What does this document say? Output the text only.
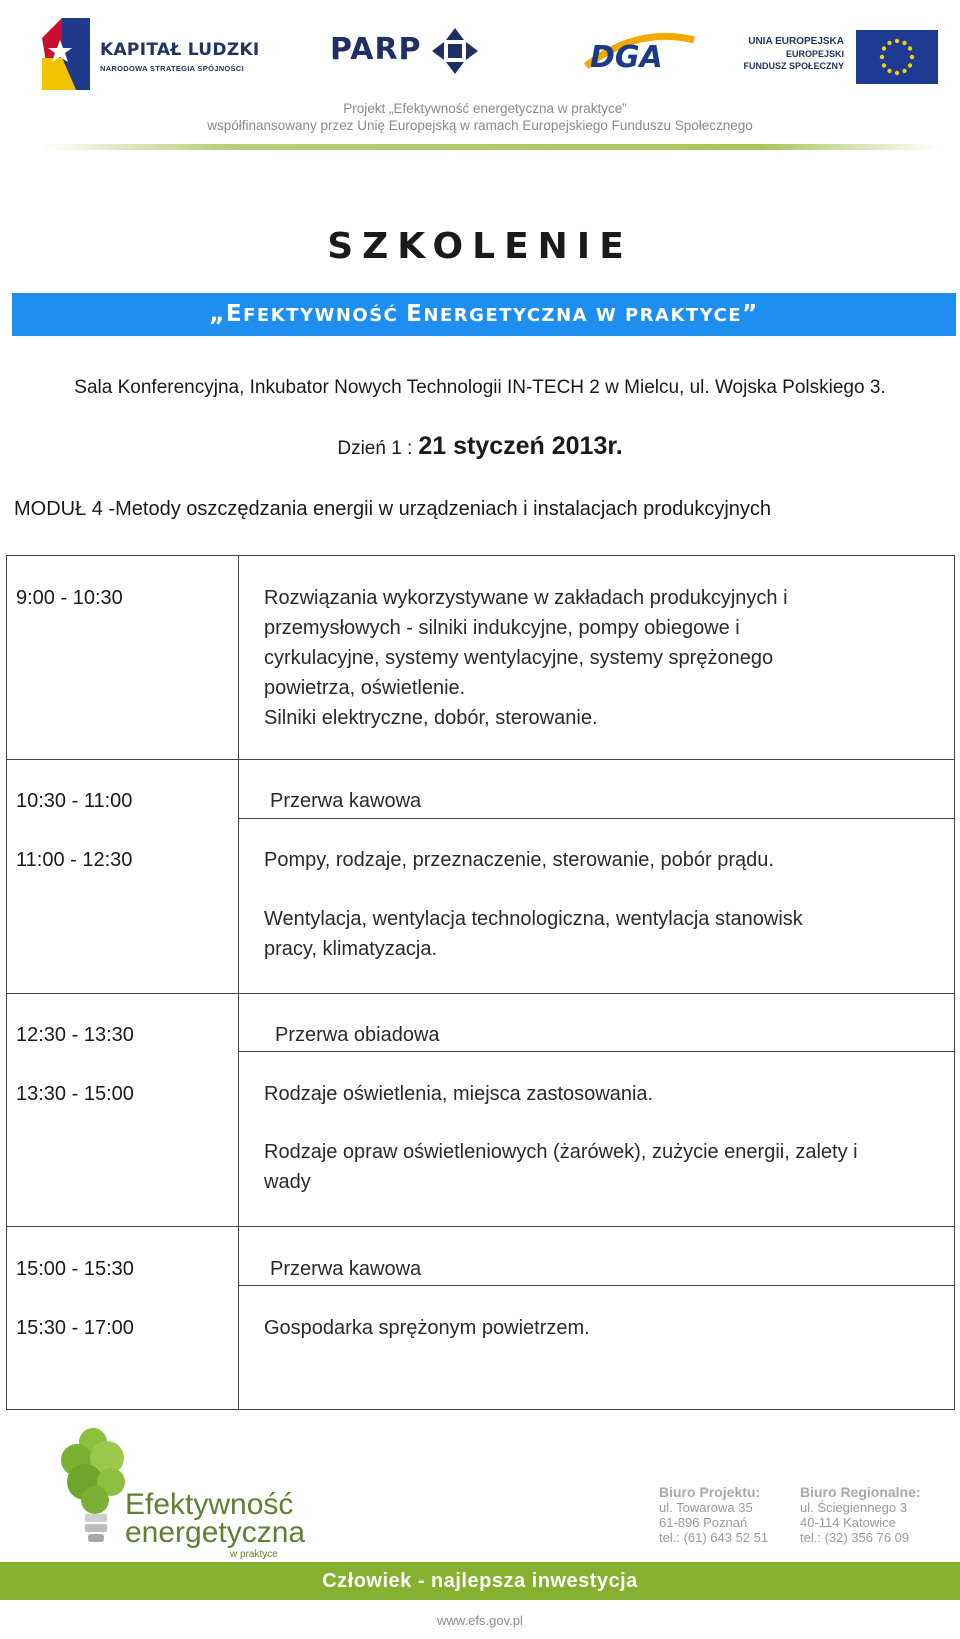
KAPITAŁ LUDZKI
NARODOWA STRATEGIA SPÓJNOŚCI
PARP	DGA	UNIA EUROPEJSKA
EUROPEJSKI
FUNDUSZ SPOŁECZNY
Projekt „Efektywność energetyczna w praktyce”
współfinansowany przez Unię Europejską w ramach Europejskiego Funduszu Społecznego
SZKOLENIE
„EFEKTYWNOŚĆ ENERGETYCZNA W PRAKTYCE”
Sala Konferencyjna, Inkubator Nowych Technologii IN-TECH 2 w Mielcu, ul. Wojska Polskiego 3.
Dzień 1 : 21 styczeń 2013r.
MODUŁ 4 -Metody oszczędzania energii w urządzeniach i instalacjach produkcyjnych
9:00 - 10:30	Rozwiązania wykorzystywane w zakładach produkcyjnych i
przemysłowych - silniki indukcyjne, pompy obiegowe i
cyrkulacyjne, systemy wentylacyjne, systemy sprężonego
powietrza, oświetlenie.
Silniki elektryczne, dobór, sterowanie.
10:30 - 11:00	Przerwa kawowa
11:00 - 12:30	Pompy, rodzaje, przeznaczenie, sterowanie, pobór prądu.
Wentylacja, wentylacja technologiczna, wentylacja stanowisk
pracy, klimatyzacja.
12:30 - 13:30	Przerwa obiadowa
13:30 - 15:00	Rodzaje oświetlenia, miejsca zastosowania.
Rodzaje opraw oświetleniowych (żarówek), zużycie energii, zalety i
wady
15:00 - 15:30	Przerwa kawowa
15:30 - 17:00	Gospodarka sprężonym powietrzem.
Efektywność
energetyczna
w praktyce
Biuro Projektu:
ul. Towarowa 35
61-896 Poznań
tel.: (61) 643 52 51
Biuro Regionalne:
ul. Ściegiennego 3
40-114 Katowice
tel.: (32) 356 76 09
Człowiek - najlepsza inwestycja
www.efs.gov.pl
